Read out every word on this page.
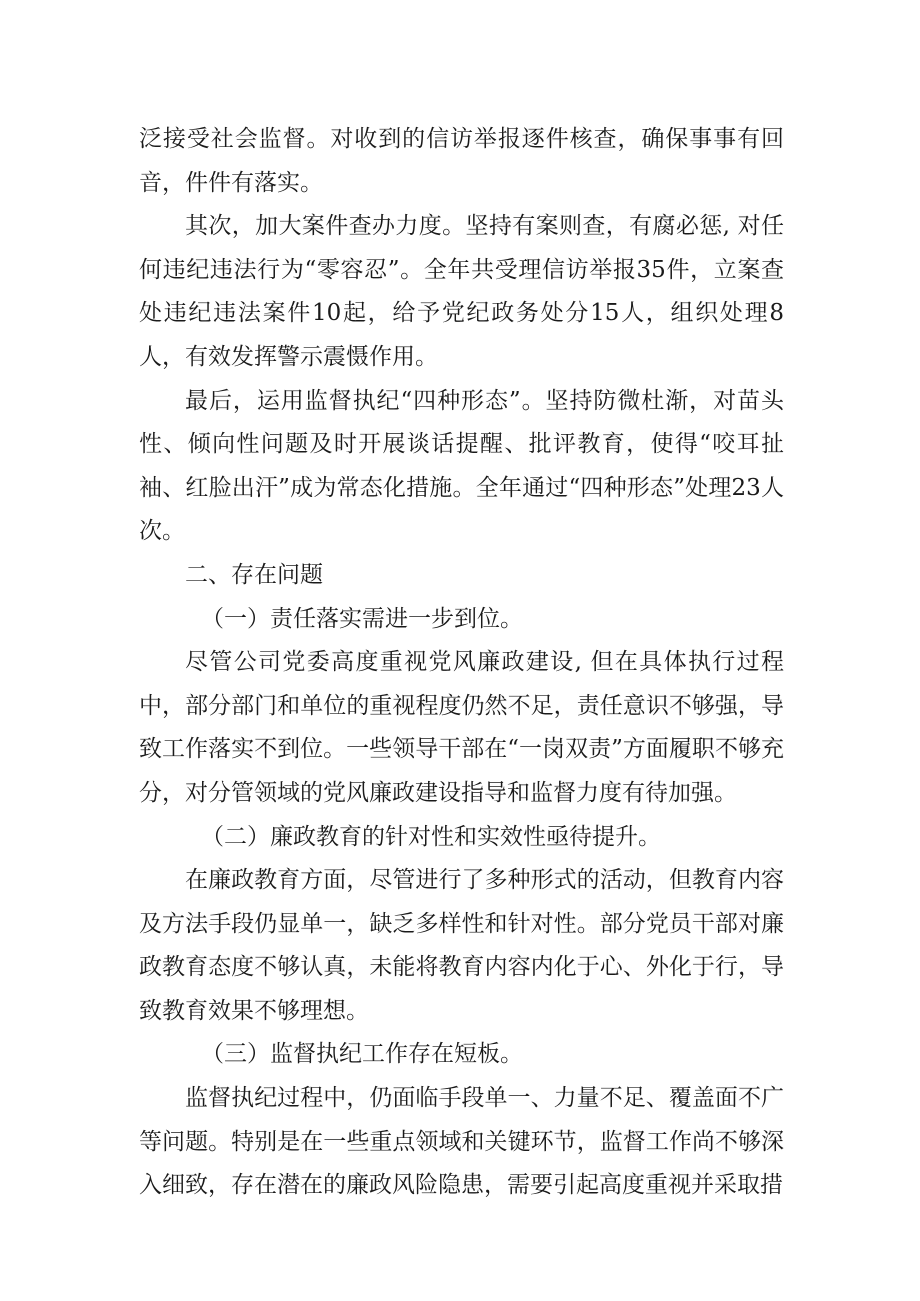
泛接受社会监督。对收到的信访举报逐件核查，确保事事有回音，件件有落实。

其次，加大案件查办力度。坚持有案则查，有腐必惩, 对任何违纪违法行为“零容忍”。全年共受理信访举报35件，立案查处违纪违法案件10起，给予党纪政务处分15人，组织处理8人，有效发挥警示震慑作用。

最后，运用监督执纪“四种形态”。坚持防微杜渐，对苗头性、倾向性问题及时开展谈话提醒、批评教育，使得“咬耳扯袖、红脸出汗”成为常态化措施。全年通过“四种形态”处理23人次。

二、存在问题

（一）责任落实需进一步到位。

尽管公司党委高度重视党风廉政建设, 但在具体执行过程中，部分部门和单位的重视程度仍然不足，责任意识不够强，导致工作落实不到位。一些领导干部在“一岗双责”方面履职不够充分，对分管领域的党风廉政建设指导和监督力度有待加强。

（二）廉政教育的针对性和实效性亟待提升。

在廉政教育方面，尽管进行了多种形式的活动，但教育内容及方法手段仍显单一，缺乏多样性和针对性。部分党员干部对廉政教育态度不够认真，未能将教育内容内化于心、外化于行，导致教育效果不够理想。

（三）监督执纪工作存在短板。

监督执纪过程中，仍面临手段单一、力量不足、覆盖面不广等问题。特别是在一些重点领域和关键环节，监督工作尚不够深入细致，存在潜在的廉政风险隐患，需要引起高度重视并采取措
